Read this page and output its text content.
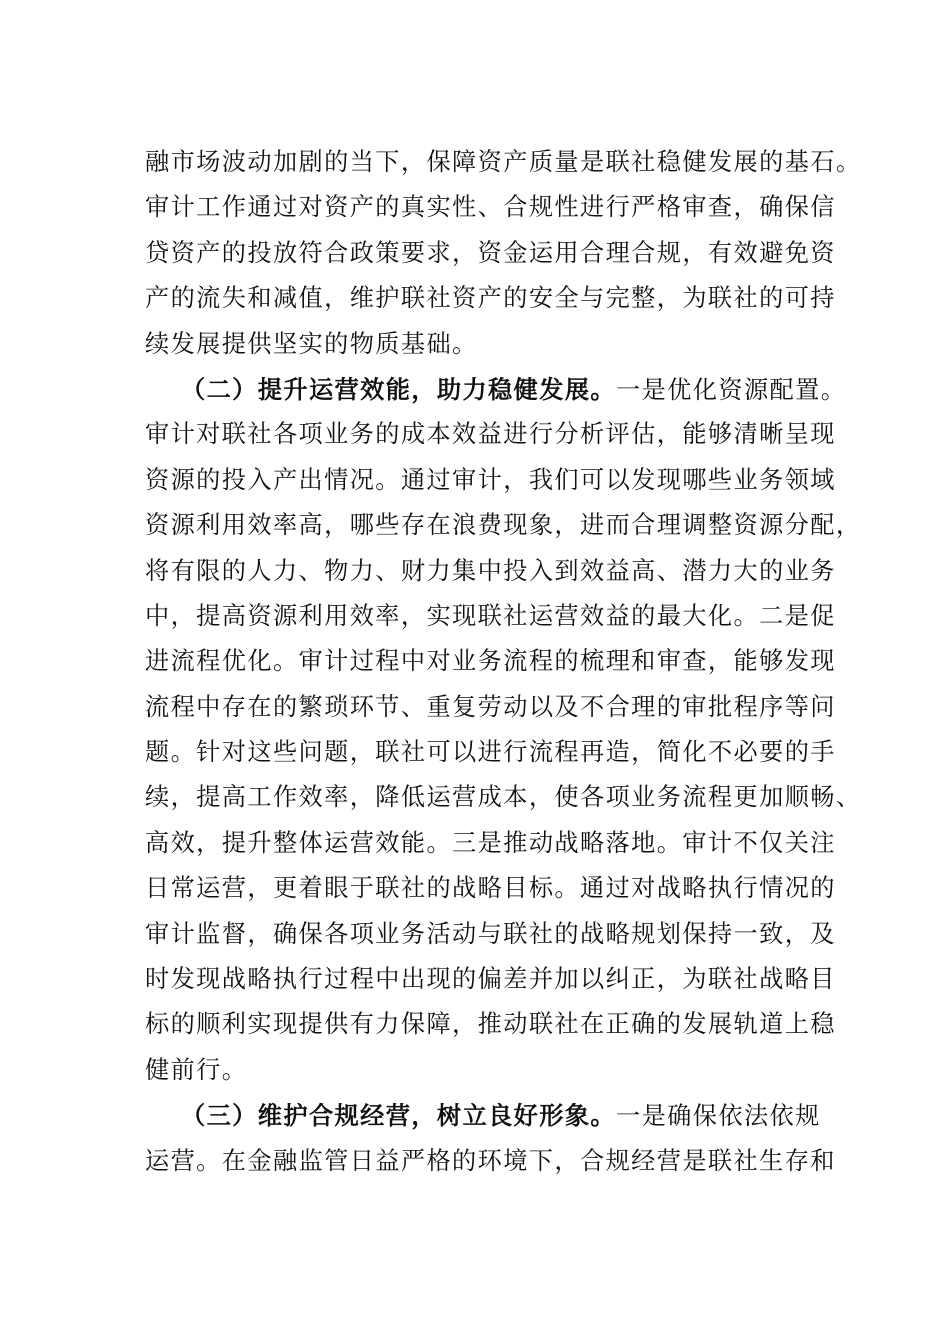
融市场波动加剧的当下，保障资产质量是联社稳健发展的基石。
审计工作通过对资产的真实性、合规性进行严格审查，确保信
贷资产的投放符合政策要求，资金运用合理合规，有效避免资
产的流失和减值，维护联社资产的安全与完整，为联社的可持
续发展提供坚实的物质基础。
（二）提升运营效能，助力稳健发展。一是优化资源配置。
审计对联社各项业务的成本效益进行分析评估，能够清晰呈现
资源的投入产出情况。通过审计，我们可以发现哪些业务领域
资源利用效率高，哪些存在浪费现象，进而合理调整资源分配，
将有限的人力、物力、财力集中投入到效益高、潜力大的业务
中，提高资源利用效率，实现联社运营效益的最大化。二是促
进流程优化。审计过程中对业务流程的梳理和审查，能够发现
流程中存在的繁琐环节、重复劳动以及不合理的审批程序等问
题。针对这些问题，联社可以进行流程再造，简化不必要的手
续，提高工作效率，降低运营成本，使各项业务流程更加顺畅、
高效，提升整体运营效能。三是推动战略落地。审计不仅关注
日常运营，更着眼于联社的战略目标。通过对战略执行情况的
审计监督，确保各项业务活动与联社的战略规划保持一致，及
时发现战略执行过程中出现的偏差并加以纠正，为联社战略目
标的顺利实现提供有力保障，推动联社在正确的发展轨道上稳
健前行。
（三）维护合规经营，树立良好形象。一是确保依法依规
运营。在金融监管日益严格的环境下，合规经营是联社生存和
